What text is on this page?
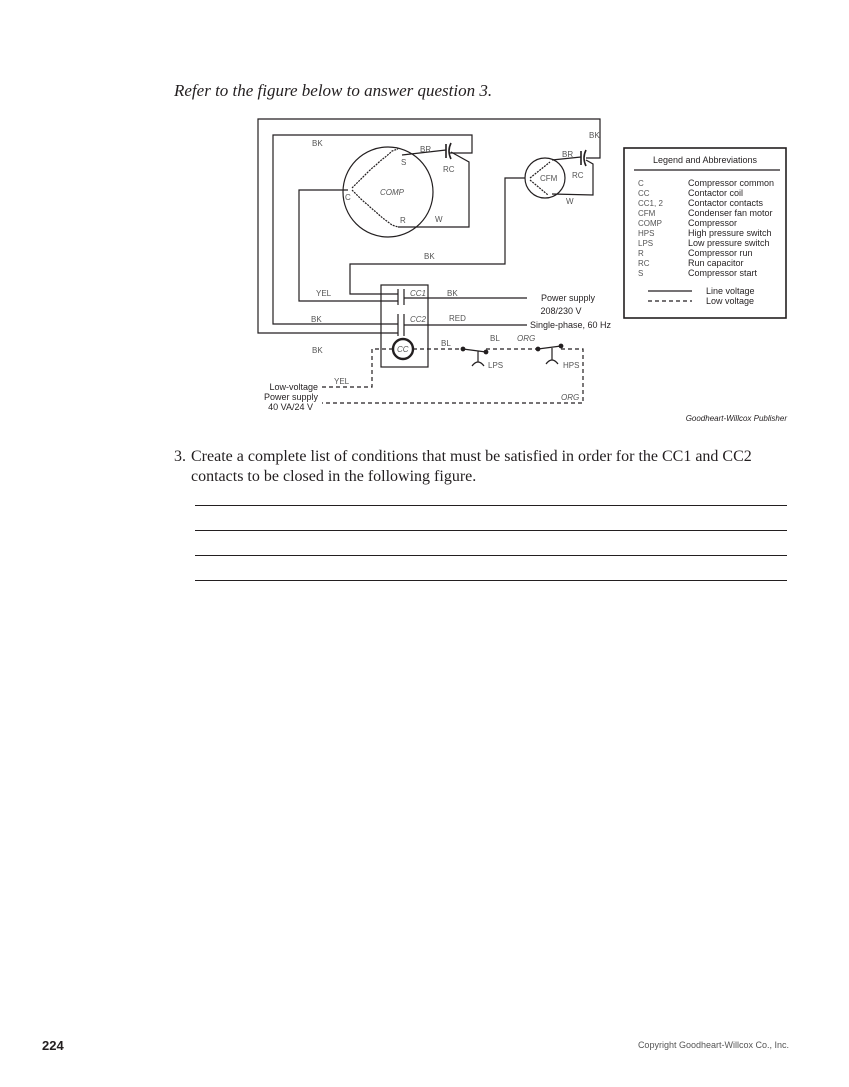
Refer to the figure below to answer question 3.
BK
BK
BR
RC
S
COMP
C
R	W
BR
CFM RC
W
BK
YEL	CC1	BK
BK	CC2	RED
BK	CC
BL
BL ORG
LPS	HPS
YEL
ORG
Power supply
208/230 V
Single-phase, 60 Hz
Low-voltage
Power supply
40 VA/24 V
Legend and Abbreviations
C	Compressor common
CC	Contactor coil
CC1, 2	Contactor contacts
CFM	Condenser fan motor
COMP	Compressor
HPS	High pressure switch
LPS	Low pressure switch
R	Compressor run
RC	Run capacitor
S	Compressor start
Line voltage
Low voltage
Goodheart-Willcox Publisher
3. Create a complete list of conditions that must be satisfied in order for the CC1 and CC2 contacts to be closed in the following figure.
224	Copyright Goodheart-Willcox Co., Inc.
